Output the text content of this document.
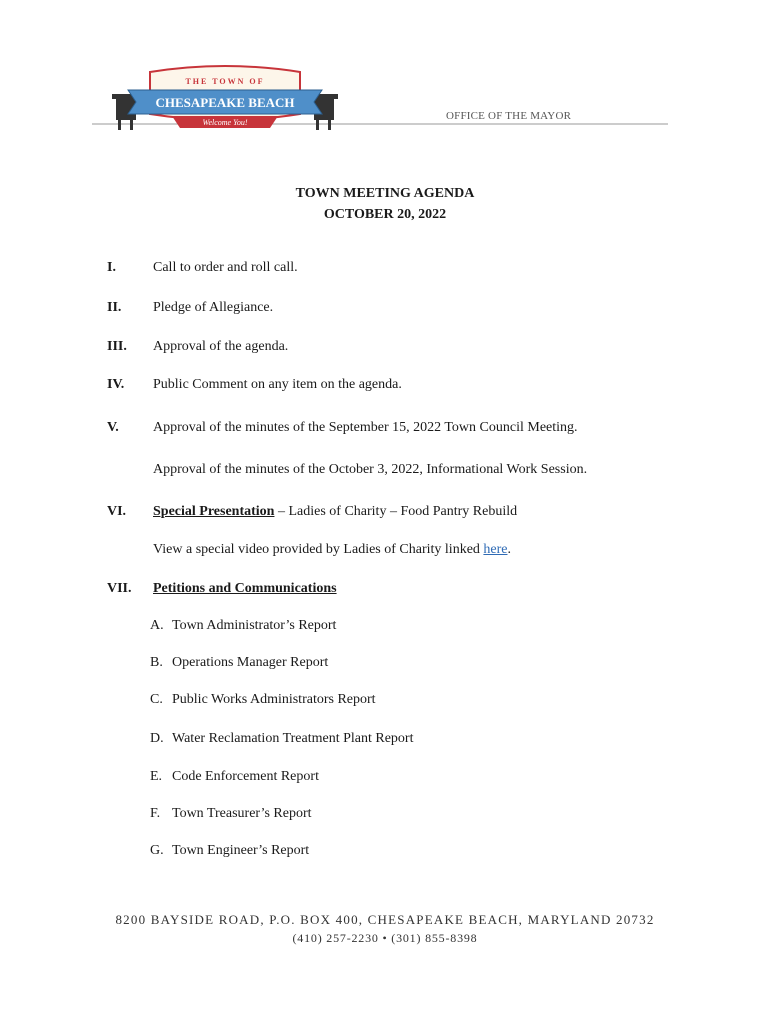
THE TOWN OF
CHESAPEAKE BEACH
Welcome You!
OFFICE OF THE MAYOR
TOWN MEETING AGENDA
OCTOBER 20, 2022
I.	Call to order and roll call.
II. Pledge of Allegiance.
III. Approval of the agenda.
IV. Public Comment on any item on the agenda.
V. Approval of the minutes of the September 15, 2022 Town Council Meeting.
Approval of the minutes of the October 3, 2022, Informational Work Session.
VI. Special Presentation – Ladies of Charity – Food Pantry Rebuild
View a special video provided by Ladies of Charity linked here.
VII. Petitions and Communications
A. Town Administrator’s Report
B. Operations Manager Report
C. Public Works Administrators Report
D. Water Reclamation Treatment Plant Report
E. Code Enforcement Report
F. Town Treasurer’s Report
G. Town Engineer’s Report
8200 BAYSIDE ROAD, P.O. BOX 400, CHESAPEAKE BEACH, MARYLAND 20732
(410) 257-2230 • (301) 855-8398
